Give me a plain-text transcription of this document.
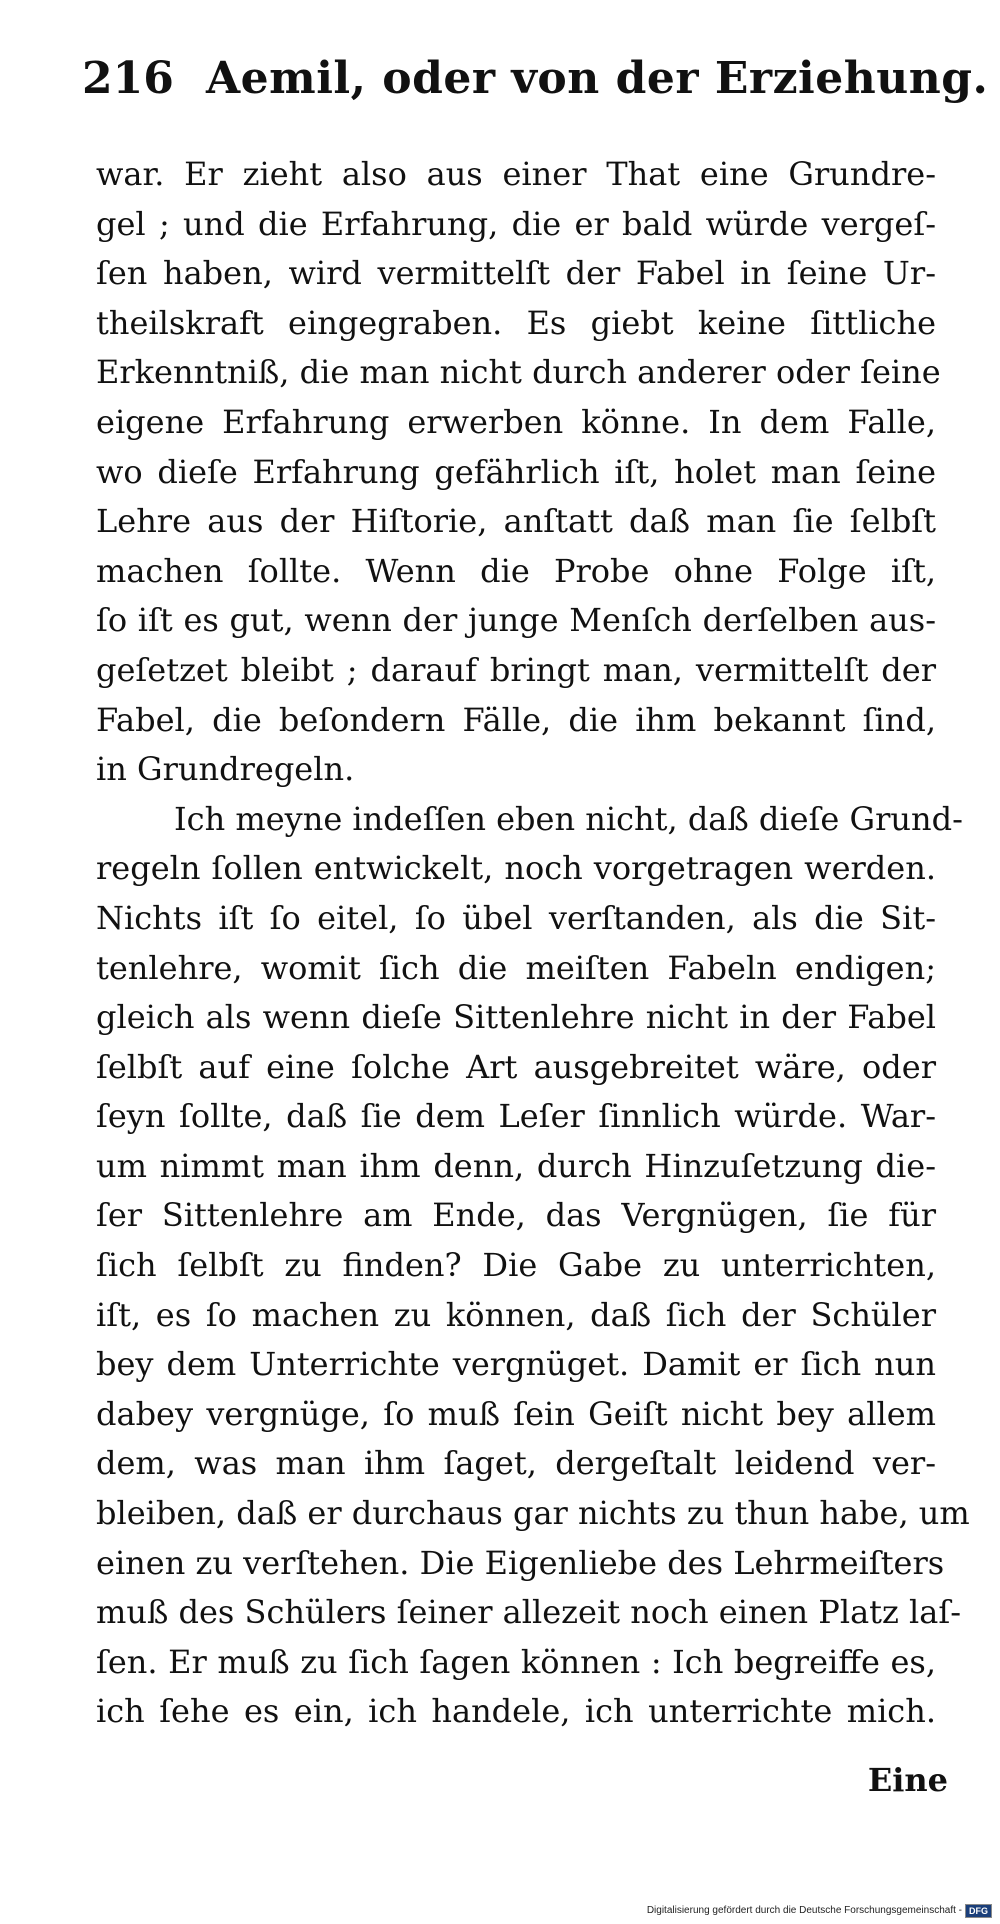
216 Aemil, oder von der Erziehung.
war. Er zieht also aus einer That eine Grundre-
gel ; und die Erfahrung, die er bald würde vergeſ-
ſen haben, wird vermittelſt der Fabel in ſeine Ur-
theilskraft eingegraben. Es giebt keine ſittliche
Erkenntniß, die man nicht durch anderer oder ſeine
eigene Erfahrung erwerben könne. In dem Falle,
wo dieſe Erfahrung gefährlich iſt, holet man ſeine
Lehre aus der Hiſtorie, anſtatt daß man ſie ſelbſt
machen ſollte. Wenn die Probe ohne Folge iſt,
ſo iſt es gut, wenn der junge Menſch derſelben aus-
geſetzet bleibt ; darauf bringt man, vermittelſt der
Fabel, die beſondern Fälle, die ihm bekannt ſind,
in Grundregeln.
Ich meyne indeſſen eben nicht, daß dieſe Grund-
regeln ſollen entwickelt, noch vorgetragen werden.
Nichts iſt ſo eitel, ſo übel verſtanden, als die Sit-
tenlehre, womit ſich die meiſten Fabeln endigen;
gleich als wenn dieſe Sittenlehre nicht in der Fabel
ſelbſt auf eine ſolche Art ausgebreitet wäre, oder
ſeyn ſollte, daß ſie dem Leſer ſinnlich würde. War-
um nimmt man ihm denn, durch Hinzuſetzung die-
ſer Sittenlehre am Ende, das Vergnügen, ſie für
ſich ſelbſt zu finden? Die Gabe zu unterrichten,
iſt, es ſo machen zu können, daß ſich der Schüler
bey dem Unterrichte vergnüget. Damit er ſich nun
dabey vergnüge, ſo muß ſein Geiſt nicht bey allem
dem, was man ihm ſaget, dergeſtalt leidend ver-
bleiben, daß er durchaus gar nichts zu thun habe, um
einen zu verſtehen. Die Eigenliebe des Lehrmeiſters
muß des Schülers ſeiner allezeit noch einen Platz laſ-
ſen. Er muß zu ſich ſagen können : Ich begreiffe es,
ich ſehe es ein, ich handele, ich unterrichte mich.
Eine
Digitalisierung gefördert durch die Deutsche Forschungsgemeinschaft - DFG
